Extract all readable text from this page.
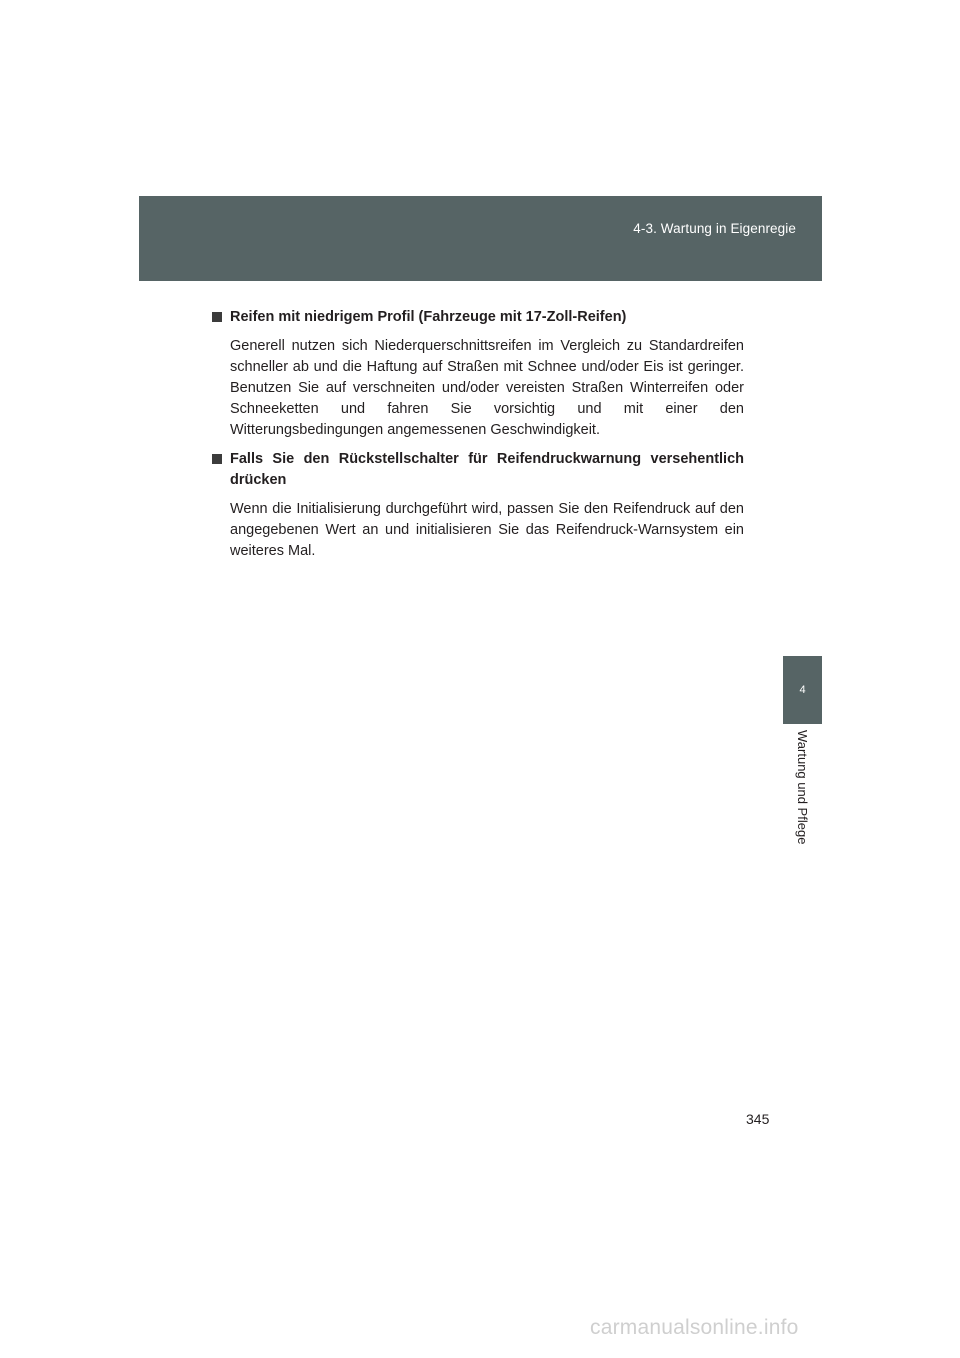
4-3. Wartung in Eigenregie
4
Wartung und Pflege
Reifen mit niedrigem Profil (Fahrzeuge mit 17-Zoll-Reifen)
Generell nutzen sich Niederquerschnittsreifen im Vergleich zu Standardreifen schneller ab und die Haftung auf Straßen mit Schnee und/oder Eis ist geringer. Benutzen Sie auf verschneiten und/oder vereisten Straßen Winterreifen oder Schneeketten und fahren Sie vorsichtig und mit einer den Witterungsbedingungen angemessenen Geschwindigkeit.
Falls Sie den Rückstellschalter für Reifendruckwarnung versehentlich drücken
Wenn die Initialisierung durchgeführt wird, passen Sie den Reifendruck auf den angegebenen Wert an und initialisieren Sie das Reifendruck-Warnsystem ein weiteres Mal.
345
carmanualsonline.info
